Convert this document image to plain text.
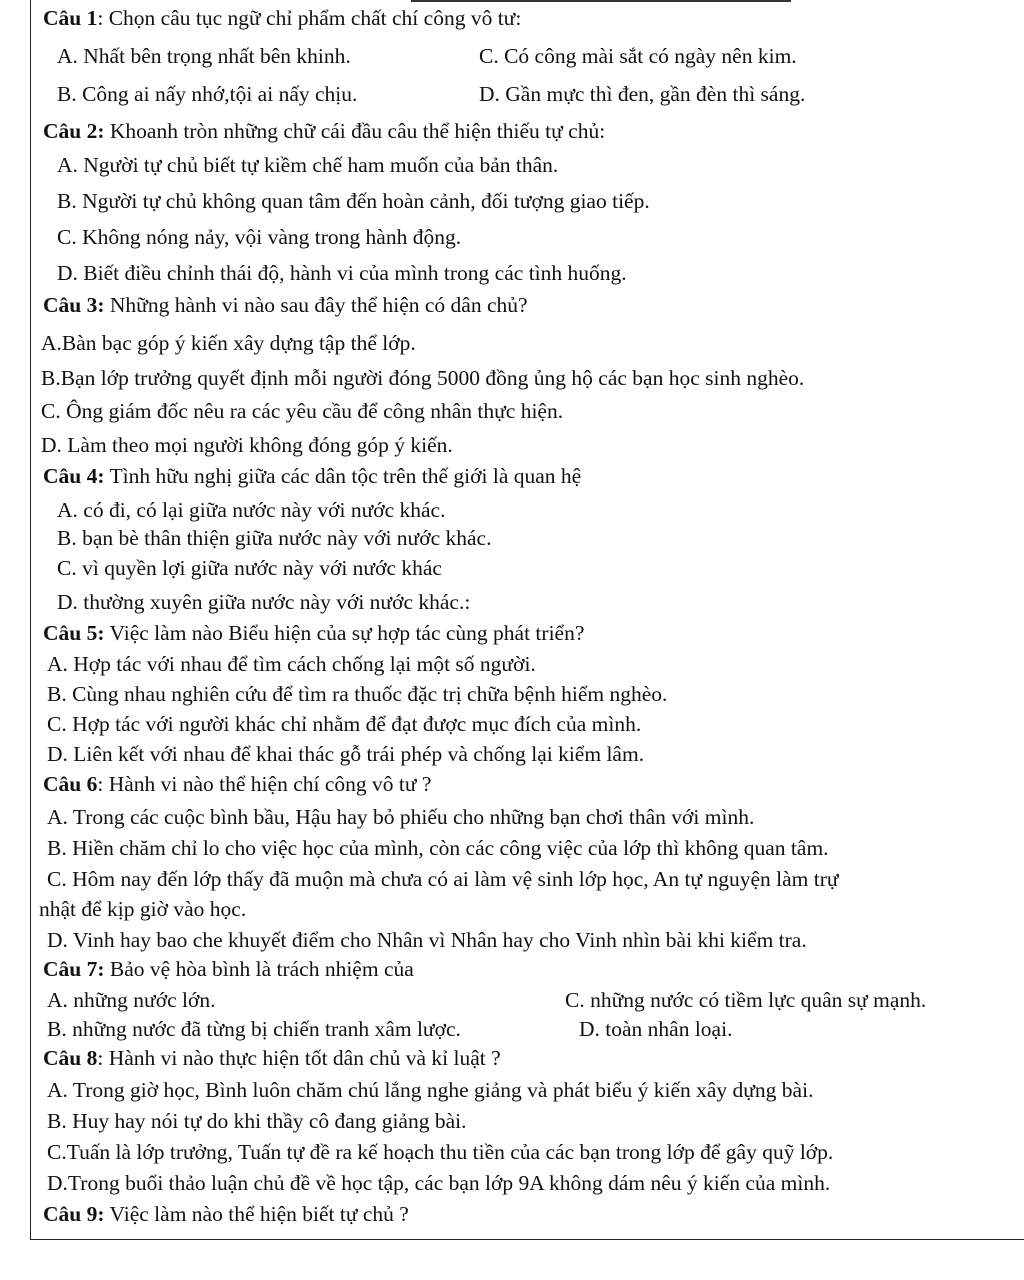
Câu 1: Chọn câu tục ngữ chỉ phẩm chất chí công vô tư:
A. Nhất bên trọng nhất bên khinh.	C. Có công mài sắt có ngày nên kim.
B. Công ai nấy nhớ,tội ai nấy chịu.	D. Gần mực thì đen, gần đèn thì sáng.
Câu 2: Khoanh tròn những chữ cái đầu câu thể hiện thiếu tự chủ:
A. Người tự chủ biết tự kiềm chế ham muốn của bản thân.
B. Người tự chủ không quan tâm đến hoàn cảnh, đối tượng giao tiếp.
C. Không nóng nảy, vội vàng trong hành động.
D. Biết điều chỉnh thái độ, hành vi của mình trong các tình huống.
Câu 3: Những hành vi nào sau đây thể hiện có dân chủ?
A.Bàn bạc góp ý kiến xây dựng tập thể lớp.
B.Bạn lớp trưởng quyết định mỗi người đóng 5000 đồng ủng hộ các bạn học sinh nghèo.
C. Ông giám đốc nêu ra các yêu cầu để công nhân thực hiện.
D. Làm theo mọi người không đóng góp ý kiến.
Câu 4: Tình hữu nghị giữa các dân tộc trên thế giới là quan hệ
A. có đi, có lại giữa nước này với nước khác.
B. bạn bè thân thiện giữa nước này với nước khác.
C. vì quyền lợi giữa nước này với nước khác
D. thường xuyên giữa nước này với nước khác.:
Câu 5: Việc làm nào Biểu hiện của sự hợp tác cùng phát triển?
A. Hợp tác với nhau để tìm cách chống lại một số người.
B. Cùng nhau nghiên cứu để tìm ra thuốc đặc trị chữa bệnh hiểm nghèo.
C. Hợp tác với người khác chỉ nhằm để đạt được mục đích của mình.
D. Liên kết với nhau để khai thác gỗ trái phép và chống lại kiểm lâm.
Câu 6: Hành vi nào thể hiện chí công vô tư ?
A. Trong các cuộc bình bầu, Hậu hay bỏ phiếu cho những bạn chơi thân với mình.
B. Hiền chăm chỉ lo cho việc học của mình, còn các công việc của lớp thì không quan tâm.
C. Hôm nay đến lớp thấy đã muộn mà chưa có ai làm vệ sinh lớp học, An tự nguyện làm trự
nhật để kịp giờ vào học.
D. Vinh hay bao che khuyết điểm cho Nhân vì Nhân hay cho Vinh nhìn bài khi kiểm tra.
Câu 7: Bảo vệ hòa bình là trách nhiệm của
A. những nước lớn.	C. những nước có tiềm lực quân sự mạnh.
B. những nước đã từng bị chiến tranh xâm lược.	D. toàn nhân loại.
Câu 8: Hành vi nào thực hiện tốt dân chủ và kỉ luật ?
A. Trong giờ học, Bình luôn chăm chú lắng nghe giảng và phát biểu ý kiến xây dựng bài.
B. Huy hay nói tự do khi thầy cô đang giảng bài.
C.Tuấn là lớp trưởng, Tuấn tự đề ra kế hoạch thu tiền của các bạn trong lớp để gây quỹ lớp.
D.Trong buổi thảo luận chủ đề về học tập, các bạn lớp 9A không dám nêu ý kiến của mình.
Câu 9: Việc làm nào thể hiện biết tự chủ ?
